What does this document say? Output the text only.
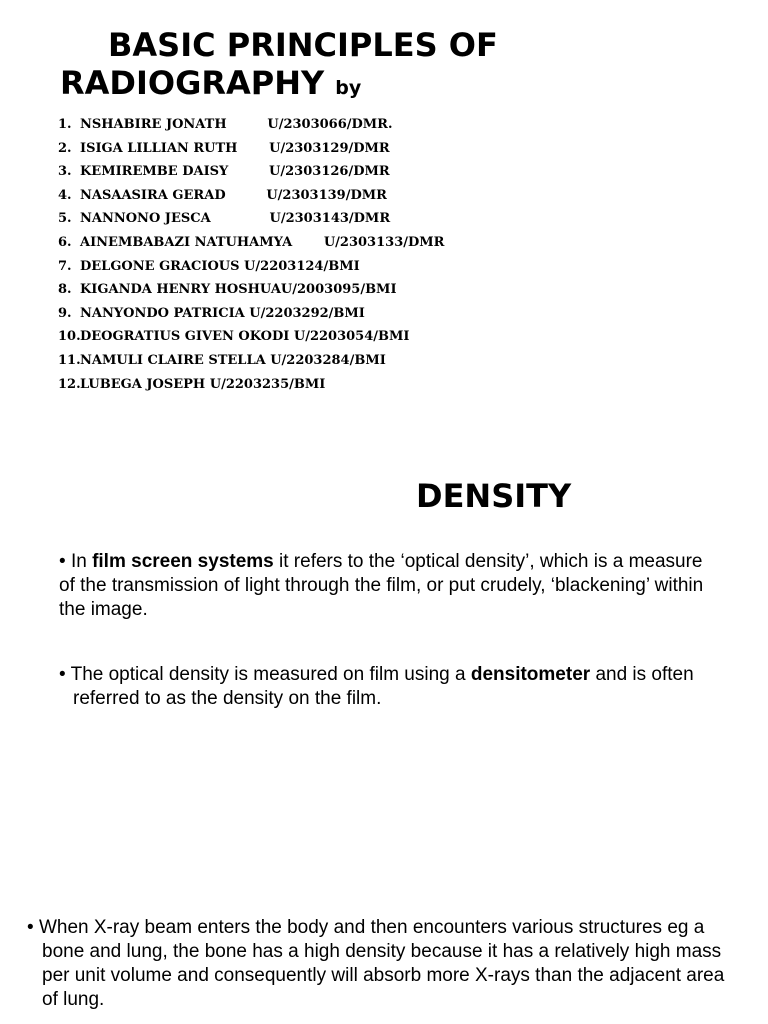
BASIC PRINCIPLES OF
RADIOGRAPHY by
1. NSHABIRE JONATH         U/2303066/DMR.
2. ISIGA LILLIAN RUTH       U/2303129/DMR
3. KEMIREMBE DAISY         U/2303126/DMR
4. NASAASIRA GERAD         U/2303139/DMR
5. NANNONO JESCA             U/2303143/DMR
6. AINEMBABAZI NATUHAMYA       U/2303133/DMR
7. DELGONE GRACIOUS U/2203124/BMI
8. KIGANDA HENRY HOSHUAU/2003095/BMI
9. NANYONDO PATRICIA U/2203292/BMI
10.DEOGRATIUS GIVEN OKODI U/2203054/BMI
11.NAMULI CLAIRE STELLA U/2203284/BMI
12.LUBEGA JOSEPH U/2203235/BMI
DENSITY

• In film screen systems it refers to the ‘optical density’, which is a measure of the transmission of light through the film, or put crudely, ‘blackening’ within the image.

• The optical density is measured on film using a densitometer and is often referred to as the density on the film.

• When X-ray beam enters the body and then encounters various structures eg a bone and lung, the bone has a high density because it has a relatively high mass per unit volume and consequently will absorb more X-rays than the adjacent area of lung.
